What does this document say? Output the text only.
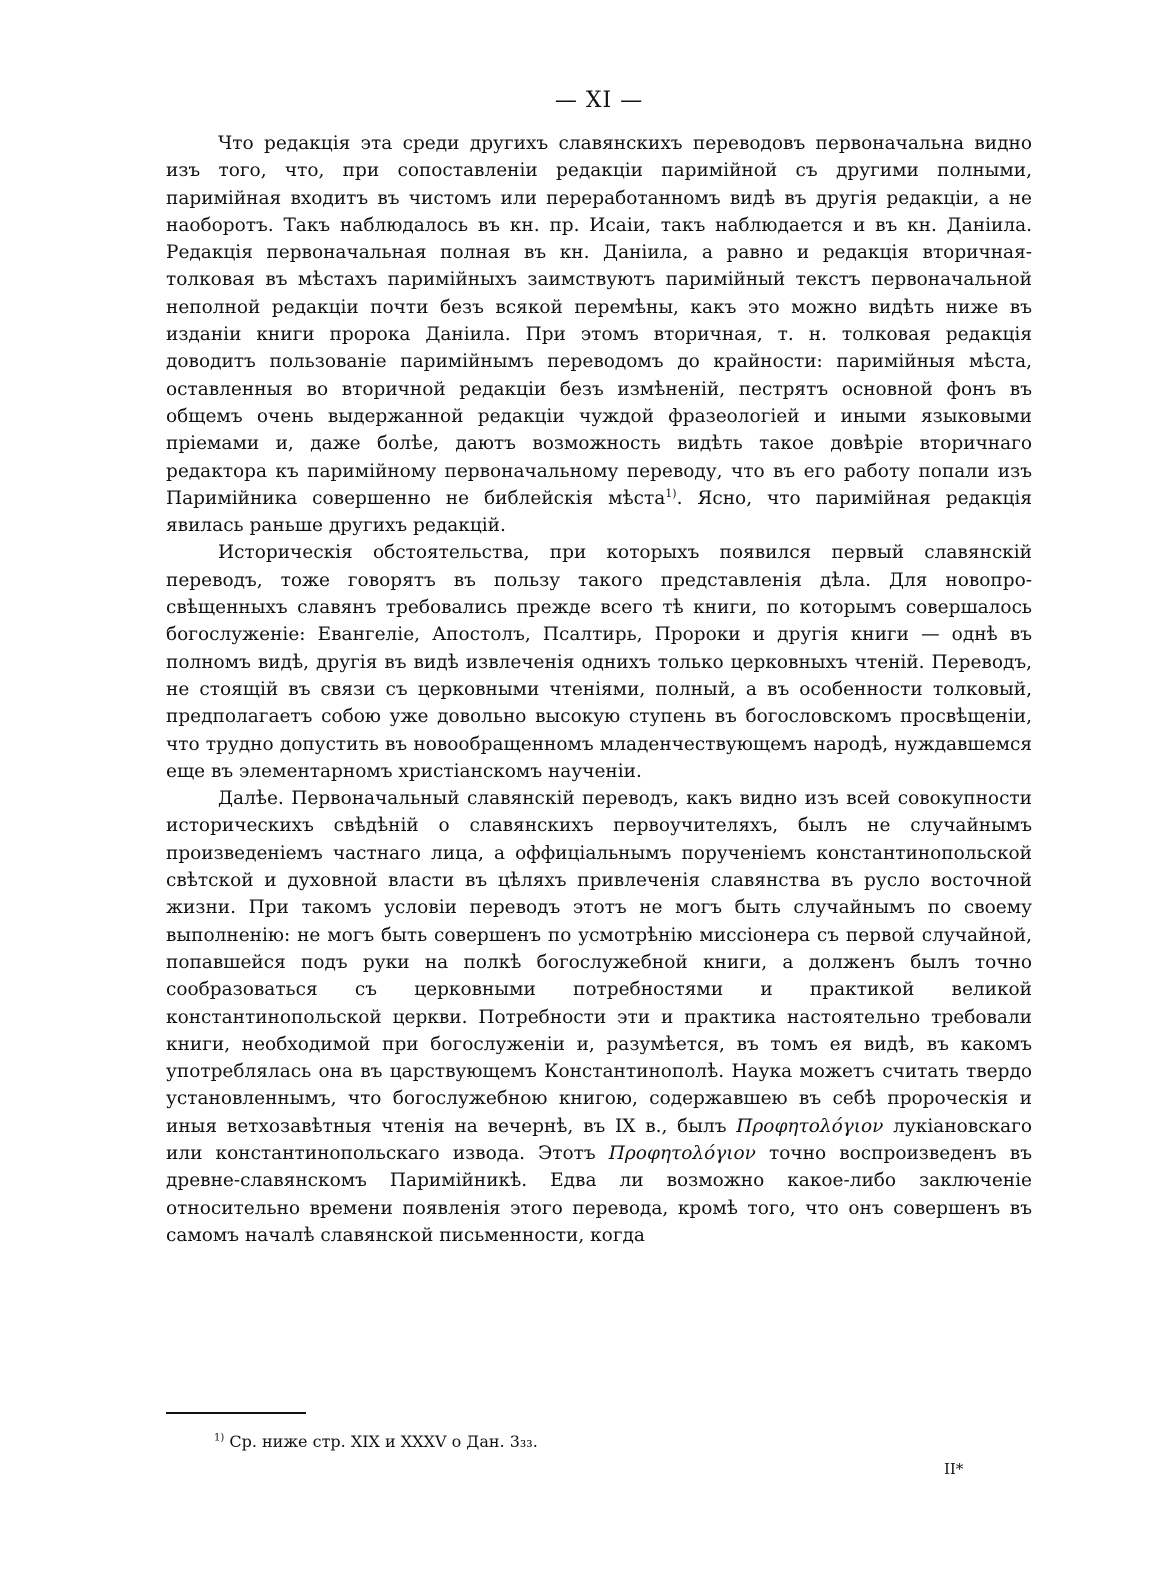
— XI —

Что редакція эта среди другихъ славянскихъ переводовъ первоначальна видно изъ того, что, при сопоставленіи редакціи паримійной съ другими полными, паримійная входитъ въ чистомъ или переработанномъ видѣ въ другія редакціи, а не наоборотъ. Такъ наблюдалось въ кн. пр. Исаіи, такъ наблюдается и въ кн. Даніила. Редакція первоначальная полная въ кн. Даніила, а равно и редакція вторичная-толковая въ мѣстахъ паримійныхъ заимствуютъ паримійный текстъ первоначальной неполной редакціи почти безъ всякой перемѣны, какъ это можно видѣть ниже въ изданіи книги пророка Даніила. При этомъ вторичная, т. н. толковая редакція доводитъ пользованіе паримійнымъ переводомъ до крайности: паримійныя мѣста, оставленныя во вторичной редакціи безъ измѣненій, пестрятъ основной фонъ въ общемъ очень выдержанной редакціи чуждой фразеологіей и иными языковыми пріемами и, даже болѣе, даютъ возможность видѣть такое довѣріе вторичнаго редактора къ паримійному первоначальному переводу, что въ его работу попали изъ Паримійника совершенно не библейскія мѣста$^{1)}$. Ясно, что паримійная редакція явилась раньше другихъ редакцій.

Историческія обстоятельства, при которыхъ появился первый славянскій переводъ, тоже говорятъ въ пользу такого представленія дѣла. Для новопросвѣщенныхъ славянъ требовались прежде всего тѣ книги, по которымъ совершалось богослуженіе: Евангеліе, Апостолъ, Псалтирь, Пророки и другія книги — однѣ въ полномъ видѣ, другія въ видѣ извлеченія однихъ только церковныхъ чтеній. Переводъ, не стоящій въ связи съ церковными чтеніями, полный, а въ особенности толковый, предполагаетъ собою уже довольно высокую ступень въ богословскомъ просвѣщеніи, что трудно допустить въ новообращенномъ младенчествующемъ народѣ, нуждавшемся еще въ элементарномъ христіанскомъ наученіи.

Далѣе. Первоначальный славянскій переводъ, какъ видно изъ всей совокупности историческихъ свѣдѣній о славянскихъ первоучителяхъ, былъ не случайнымъ произведеніемъ частнаго лица, а оффиціальнымъ порученіемъ константинопольской свѣтской и духовной власти въ цѣляхъ привлеченія славянства въ русло восточной жизни. При такомъ условіи переводъ этотъ не могъ быть случайнымъ по своему выполненію: не могъ быть совершенъ по усмотрѣнію миссіонера съ первой случайной, попавшейся подъ руки на полкѣ богослужебной книги, а долженъ былъ точно сообразоваться съ церковными потребностями и практикой великой константинопольской церкви. Потребности эти и практика настоятельно требовали книги, необходимой при богослуженіи и, разумѣется, въ томъ ея видѣ, въ какомъ употреблялась она въ царствующемъ Константинополѣ. Наука можетъ считать твердо установленнымъ, что богослужебною книгою, содержавшею въ себѣ пророческія и иныя ветхозавѣтныя чтенія на вечернѣ, въ IX в., былъ Προφητολόγιον лукіановскаго или константинопольскаго извода. Этотъ Προφητολόγιον точно воспроизведенъ въ древне-славянскомъ Паримійникѣ. Едва ли возможно какое-либо заключеніе относительно времени появленія этого перевода, кромѣ того, что онъ совершенъ въ самомъ началѣ славянской письменности, когда

$^{1)}$ Ср. ниже стр. XIX и XXXV о Дан. 3₃₃.
II*
